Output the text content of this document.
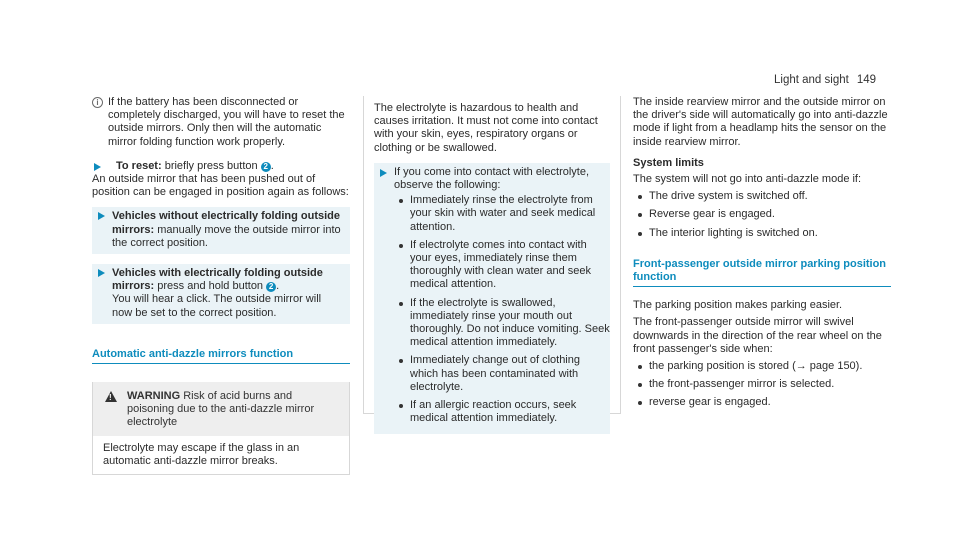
Light and sight 149
i If the battery has been disconnected or completely discharged, you will have to reset the outside mirrors. Only then will the automatic mirror folding function work properly.
To reset: briefly press button 2 .

An outside mirror that has been pushed out of position can be engaged in position again as follows:

Vehicles without electrically folding outside mirrors: manually move the outside mirror into the correct position.
Vehicles with electrically folding outside mirrors: press and hold button 2 .
You will hear a click. The outside mirror will now be set to the correct position.
Automatic anti-dazzle mirrors function
! WARNING Risk of acid burns and poisoning due to the anti-dazzle mirror electrolyte
Electrolyte may escape if the glass in an automatic anti-dazzle mirror breaks.

The electrolyte is hazardous to health and causes irritation. It must not come into contact with your skin, eyes, respiratory organs or clothing or be swallowed.

If you come into contact with electrolyte, observe the following:
Immediately rinse the electrolyte from your skin with water and seek medical attention.
If electrolyte comes into contact with your eyes, immediately rinse them thoroughly with clean water and seek medical attention.
If the electrolyte is swallowed, immediately rinse your mouth out thoroughly. Do not induce vomiting. Seek medical attention immediately.
Immediately change out of clothing which has been contaminated with electrolyte.
If an allergic reaction occurs, seek medical attention immediately.

The inside rearview mirror and the outside mirror on the driver's side will automatically go into anti-dazzle mode if light from a headlamp hits the sensor on the inside rearview mirror.

System limits

The system will not go into anti-dazzle mode if:

The drive system is switched off.
Reverse gear is engaged.
The interior lighting is switched on.
Front-passenger outside mirror parking position function

The parking position makes parking easier.

The front-passenger outside mirror will swivel downwards in the direction of the rear wheel on the front passenger's side when:

the parking position is stored (→ page 150).
the front-passenger mirror is selected.
reverse gear is engaged.
